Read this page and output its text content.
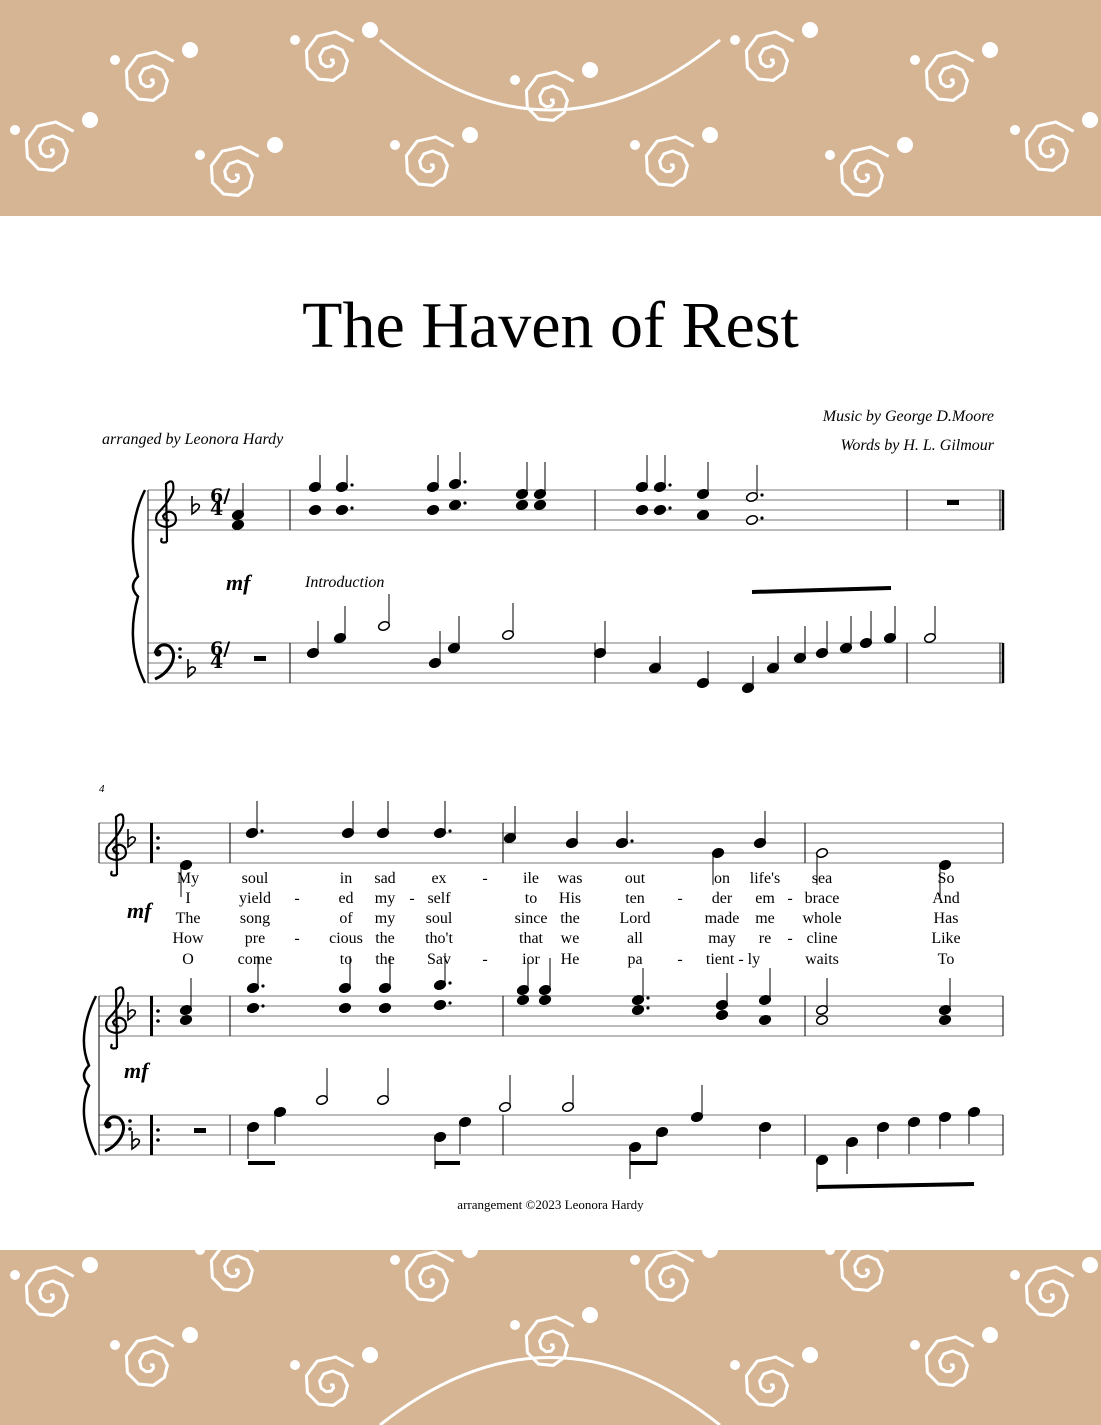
The Haven of Rest
Music by George D.Moore
Words by H. L. Gilmour
arranged by Leonora Hardy
6/4
6/4
mf	Introduction
4
mf
mf
My	soul	in sad ex - ile was	out	on life's sea	So
I	yield - ed my - self	to His	ten - der em - brace	And
The song	of my soul	since the Lord	made me whole	Has
How	pre - cious the tho't	that we	all	may re - cline	Like
O	come	to the Sav - ior He	pa - tient - ly	waits	To
arrangement ©2023 Leonora Hardy
